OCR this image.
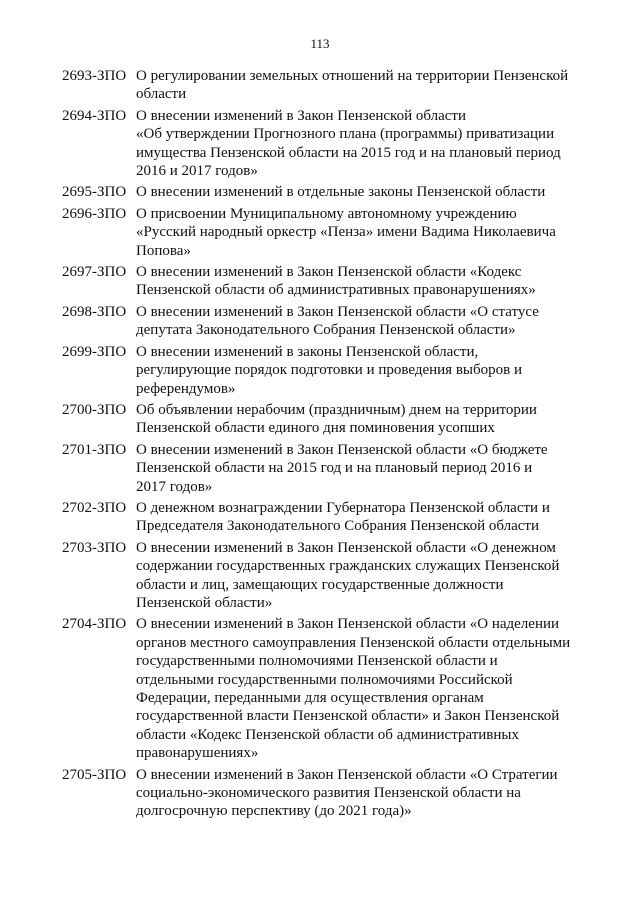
113
2693-ЗПО О регулировании земельных отношений на территории Пензенской
области
2694-ЗПО О внесении изменений в Закон Пензенской области
«Об утверждении Прогнозного плана (программы) приватизации
имущества Пензенской области на 2015 год и на плановый период
2016 и 2017 годов»
2695-ЗПО О внесении изменений в отдельные законы Пензенской области
2696-ЗПО О присвоении Муниципальному автономному учреждению
«Русский народный оркестр «Пенза» имени Вадима Николаевича
Попова»
2697-ЗПО О внесении изменений в Закон Пензенской области «Кодекс
Пензенской области об административных правонарушениях»
2698-ЗПО О внесении изменений в Закон Пензенской области «О статусе
депутата Законодательного Собрания Пензенской области»
2699-ЗПО О внесении изменений в законы Пензенской области,
регулирующие порядок подготовки и проведения выборов и
референдумов»
2700-ЗПО Об объявлении нерабочим (праздничным) днем на территории
Пензенской области единого дня поминовения усопших
2701-ЗПО О внесении изменений в Закон Пензенской области «О бюджете
Пензенской области на 2015 год и на плановый период 2016 и
2017 годов»
2702-ЗПО О денежном вознаграждении Губернатора Пензенской области и
Председателя Законодательного Собрания Пензенской области
2703-ЗПО О внесении изменений в Закон Пензенской области «О денежном
содержании государственных гражданских служащих Пензенской
области и лиц, замещающих государственные должности
Пензенской области»
2704-ЗПО О внесении изменений в Закон Пензенской области «О наделении
органов местного самоуправления Пензенской области отдельными
государственными полномочиями Пензенской области и
отдельными государственными полномочиями Российской
Федерации, переданными для осуществления органам
государственной власти Пензенской области» и Закон Пензенской
области «Кодекс Пензенской области об административных
правонарушениях»
2705-ЗПО О внесении изменений в Закон Пензенской области «О Стратегии
социально-экономического развития Пензенской области на
долгосрочную перспективу (до 2021 года)»
